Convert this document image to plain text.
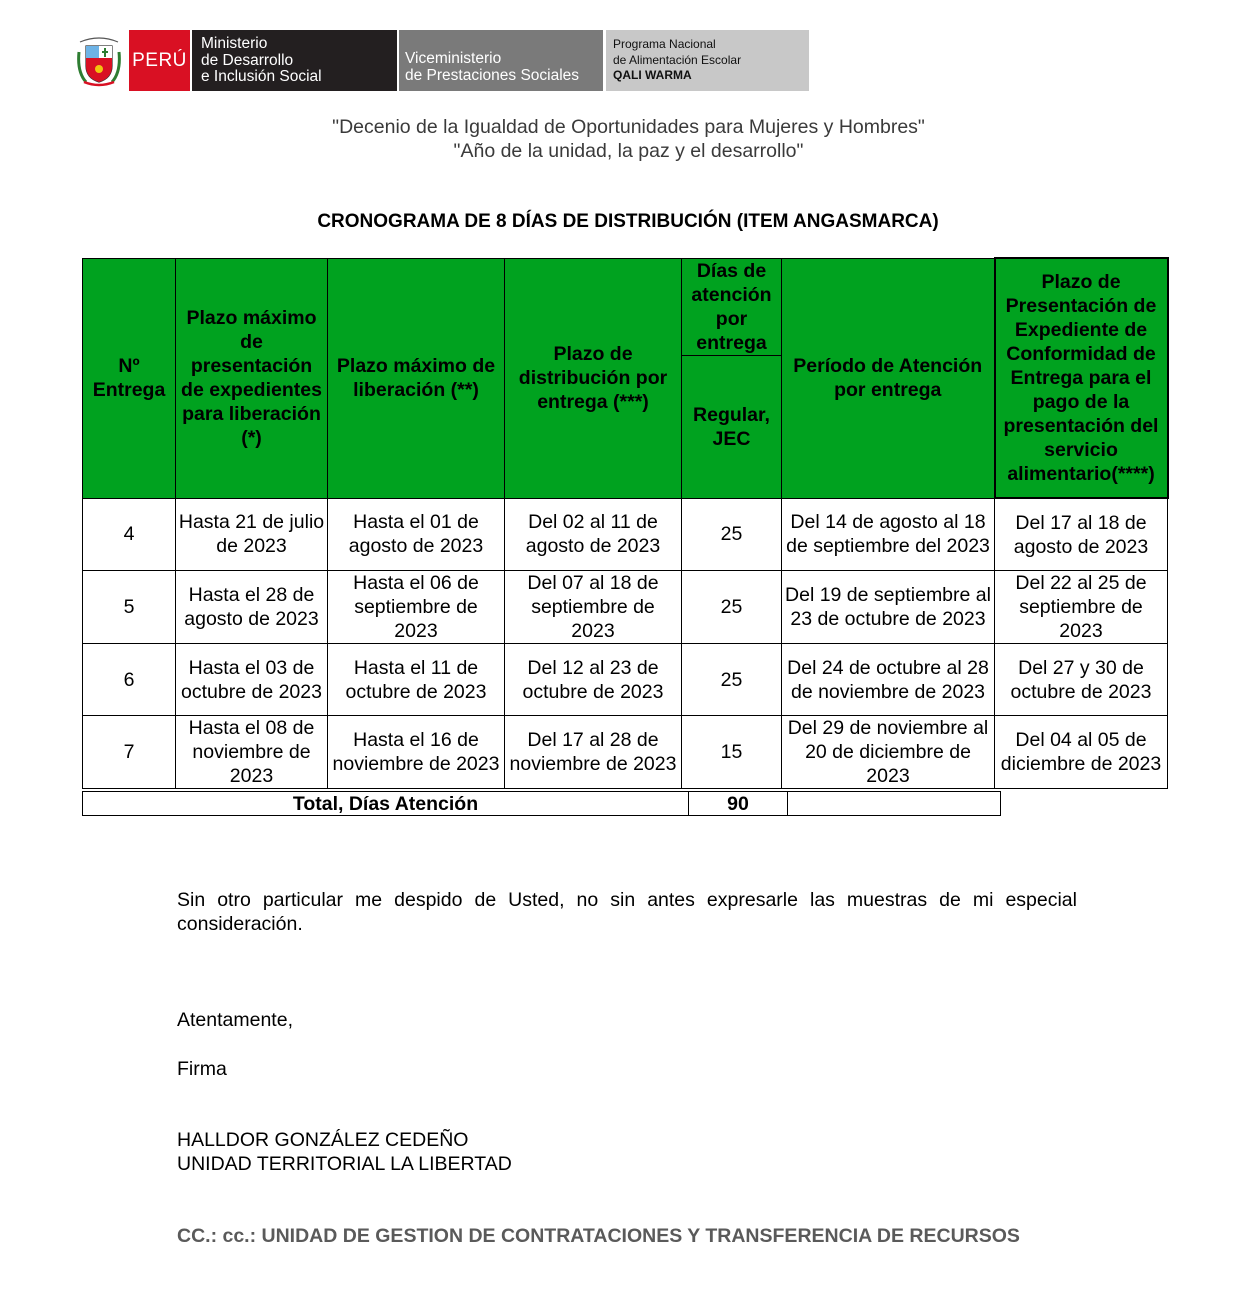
PERÚ
Ministerio
de Desarrollo
e Inclusión Social
Viceministerio
de Prestaciones Sociales
Programa Nacional
de Alimentación Escolar
QALI WARMA
"Decenio de la Igualdad de Oportunidades para Mujeres y Hombres"
"Año de la unidad, la paz y el desarrollo"
CRONOGRAMA DE 8 DÍAS DE DISTRIBUCIÓN (ITEM ANGASMARCA)
Nº Entrega	Plazo máximo de presentación de expedientes para liberación (*)	Plazo máximo de liberación (**)	Plazo de distribución por entrega (***)	Días de atención por entrega	Período de Atención por entrega	Plazo de Presentación de Expediente de Conformidad de Entrega para el pago de la presentación del servicio alimentario(****)
				Regular, JEC		
4	Hasta 21 de julio de 2023	Hasta el 01 de agosto de 2023	Del 02 al 11 de agosto de 2023	25	Del 14 de agosto al 18 de septiembre del 2023	Del 17 al 18 de agosto de 2023
5	Hasta el 28 de agosto de 2023	Hasta el 06 de septiembre de 2023	Del 07 al 18 de septiembre de 2023	25	Del 19 de septiembre al 23 de octubre de 2023	Del 22 al 25 de septiembre de 2023
6	Hasta el 03 de octubre de 2023	Hasta el 11 de octubre de 2023	Del 12 al 23 de octubre de 2023	25	Del 24 de octubre al 28 de noviembre de 2023	Del 27 y 30 de octubre de 2023
7	Hasta el 08 de noviembre de 2023	Hasta el 16 de noviembre de 2023	Del 17 al 28 de noviembre de 2023	15	Del 29 de noviembre al 20 de diciembre de 2023	Del 04 al 05 de diciembre de 2023
Total, Días Atención	90	
Sin otro particular me despido de Usted, no sin antes expresarle las muestras de mi especial consideración.
Atentamente,
Firma
HALLDOR GONZÁLEZ CEDEÑO
UNIDAD TERRITORIAL LA LIBERTAD
CC.: cc.: UNIDAD DE GESTION DE CONTRATACIONES Y TRANSFERENCIA DE RECURSOS
